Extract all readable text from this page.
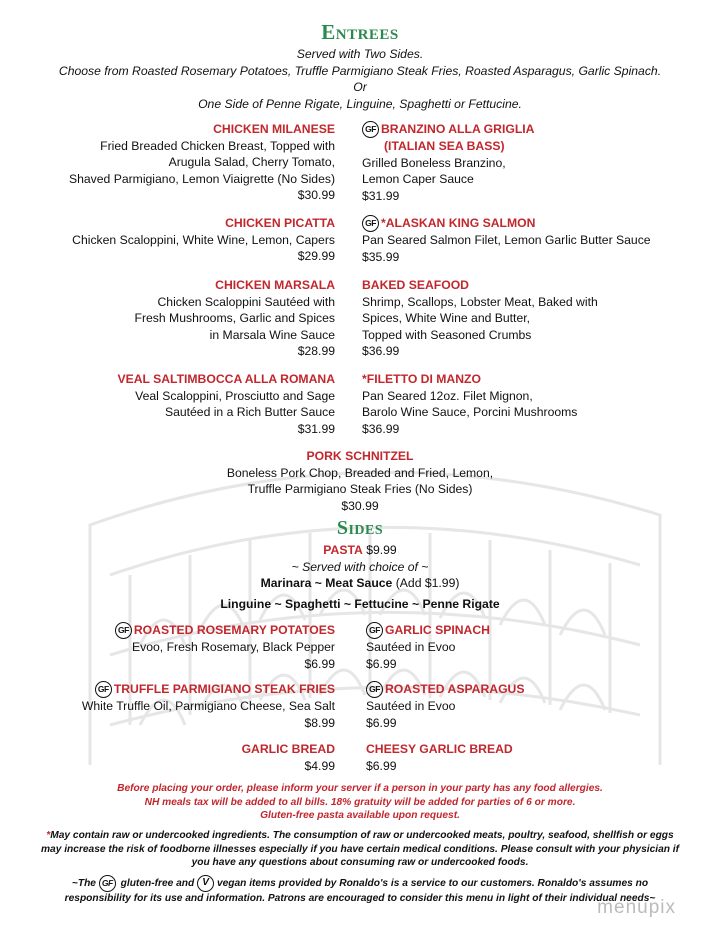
Entrees
Served with Two Sides.
Choose from Roasted Rosemary Potatoes, Truffle Parmigiano Steak Fries, Roasted Asparagus, Garlic Spinach.
Or
One Side of Penne Rigate, Linguine, Spaghetti or Fettucine.
CHICKEN MILANESE
Fried Breaded Chicken Breast, Topped with
Arugula Salad, Cherry Tomato,
Shaved Parmigiano, Lemon Viaigrette (No Sides)
$30.99
CHICKEN PICATTA
Chicken Scaloppini, White Wine, Lemon, Capers
$29.99
CHICKEN MARSALA
Chicken Scaloppini Sautéed with
Fresh Mushrooms, Garlic and Spices
in Marsala Wine Sauce
$28.99
VEAL SALTIMBOCCA ALLA ROMANA
Veal Scaloppini, Prosciutto and Sage
Sautéed in a Rich Butter Sauce
$31.99
GF BRANZINO ALLA GRIGLIA
(ITALIAN SEA BASS)
Grilled Boneless Branzino,
Lemon Caper Sauce
$31.99
GF *ALASKAN KING SALMON
Pan Seared Salmon Filet, Lemon Garlic Butter Sauce
$35.99
BAKED SEAFOOD
Shrimp, Scallops, Lobster Meat, Baked with
Spices, White Wine and Butter,
Topped with Seasoned Crumbs
$36.99
*FILETTO DI MANZO
Pan Seared 12oz. Filet Mignon,
Barolo Wine Sauce, Porcini Mushrooms
$36.99
PORK SCHNITZEL
Boneless Pork Chop, Breaded and Fried, Lemon,
Truffle Parmigiano Steak Fries (No Sides)
$30.99
Sides
PASTA $9.99
~ Served with choice of ~
Marinara ~ Meat Sauce (Add $1.99)
Linguine ~ Spaghetti ~ Fettucine ~ Penne Rigate
GF ROASTED ROSEMARY POTATOES
Evoo, Fresh Rosemary, Black Pepper
$6.99
GF TRUFFLE PARMIGIANO STEAK FRIES
White Truffle Oil, Parmigiano Cheese, Sea Salt
$8.99
GARLIC BREAD
$4.99
GF GARLIC SPINACH
Sautéed in Evoo
$6.99
GF ROASTED ASPARAGUS
Sautéed in Evoo
$6.99
CHEESY GARLIC BREAD
$6.99
Before placing your order, please inform your server if a person in your party has any food allergies.
NH meals tax will be added to all bills. 18% gratuity will be added for parties of 6 or more.
Gluten-free pasta available upon request.
*May contain raw or undercooked ingredients. The consumption of raw or undercooked meats, poultry, seafood, shellfish or eggs may increase the risk of foodborne illnesses especially if you have certain medical conditions. Please consult with your physician if you have any questions about consuming raw or undercooked foods.
~The GF gluten-free and V vegan items provided by Ronaldo's is a service to our customers. Ronaldo's assumes no responsibility for its use and information. Patrons are encouraged to consider this menu in light of their individual needs~
menupix
